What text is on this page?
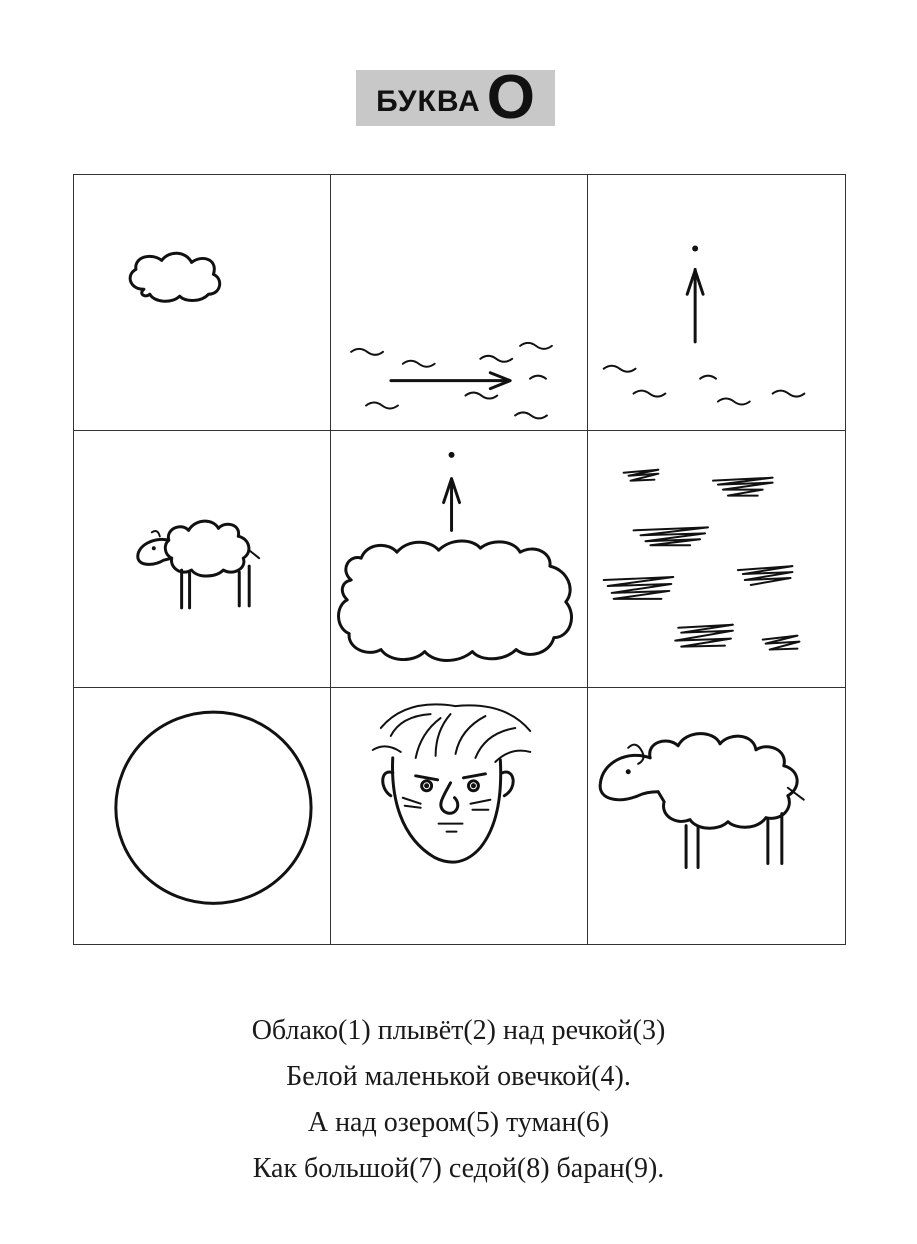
БУКВА О
Облако(1) плывёт(2) над речкой(3)
Белой маленькой овечкой(4).
А над озером(5) туман(6)
Как большой(7) седой(8) баран(9).
